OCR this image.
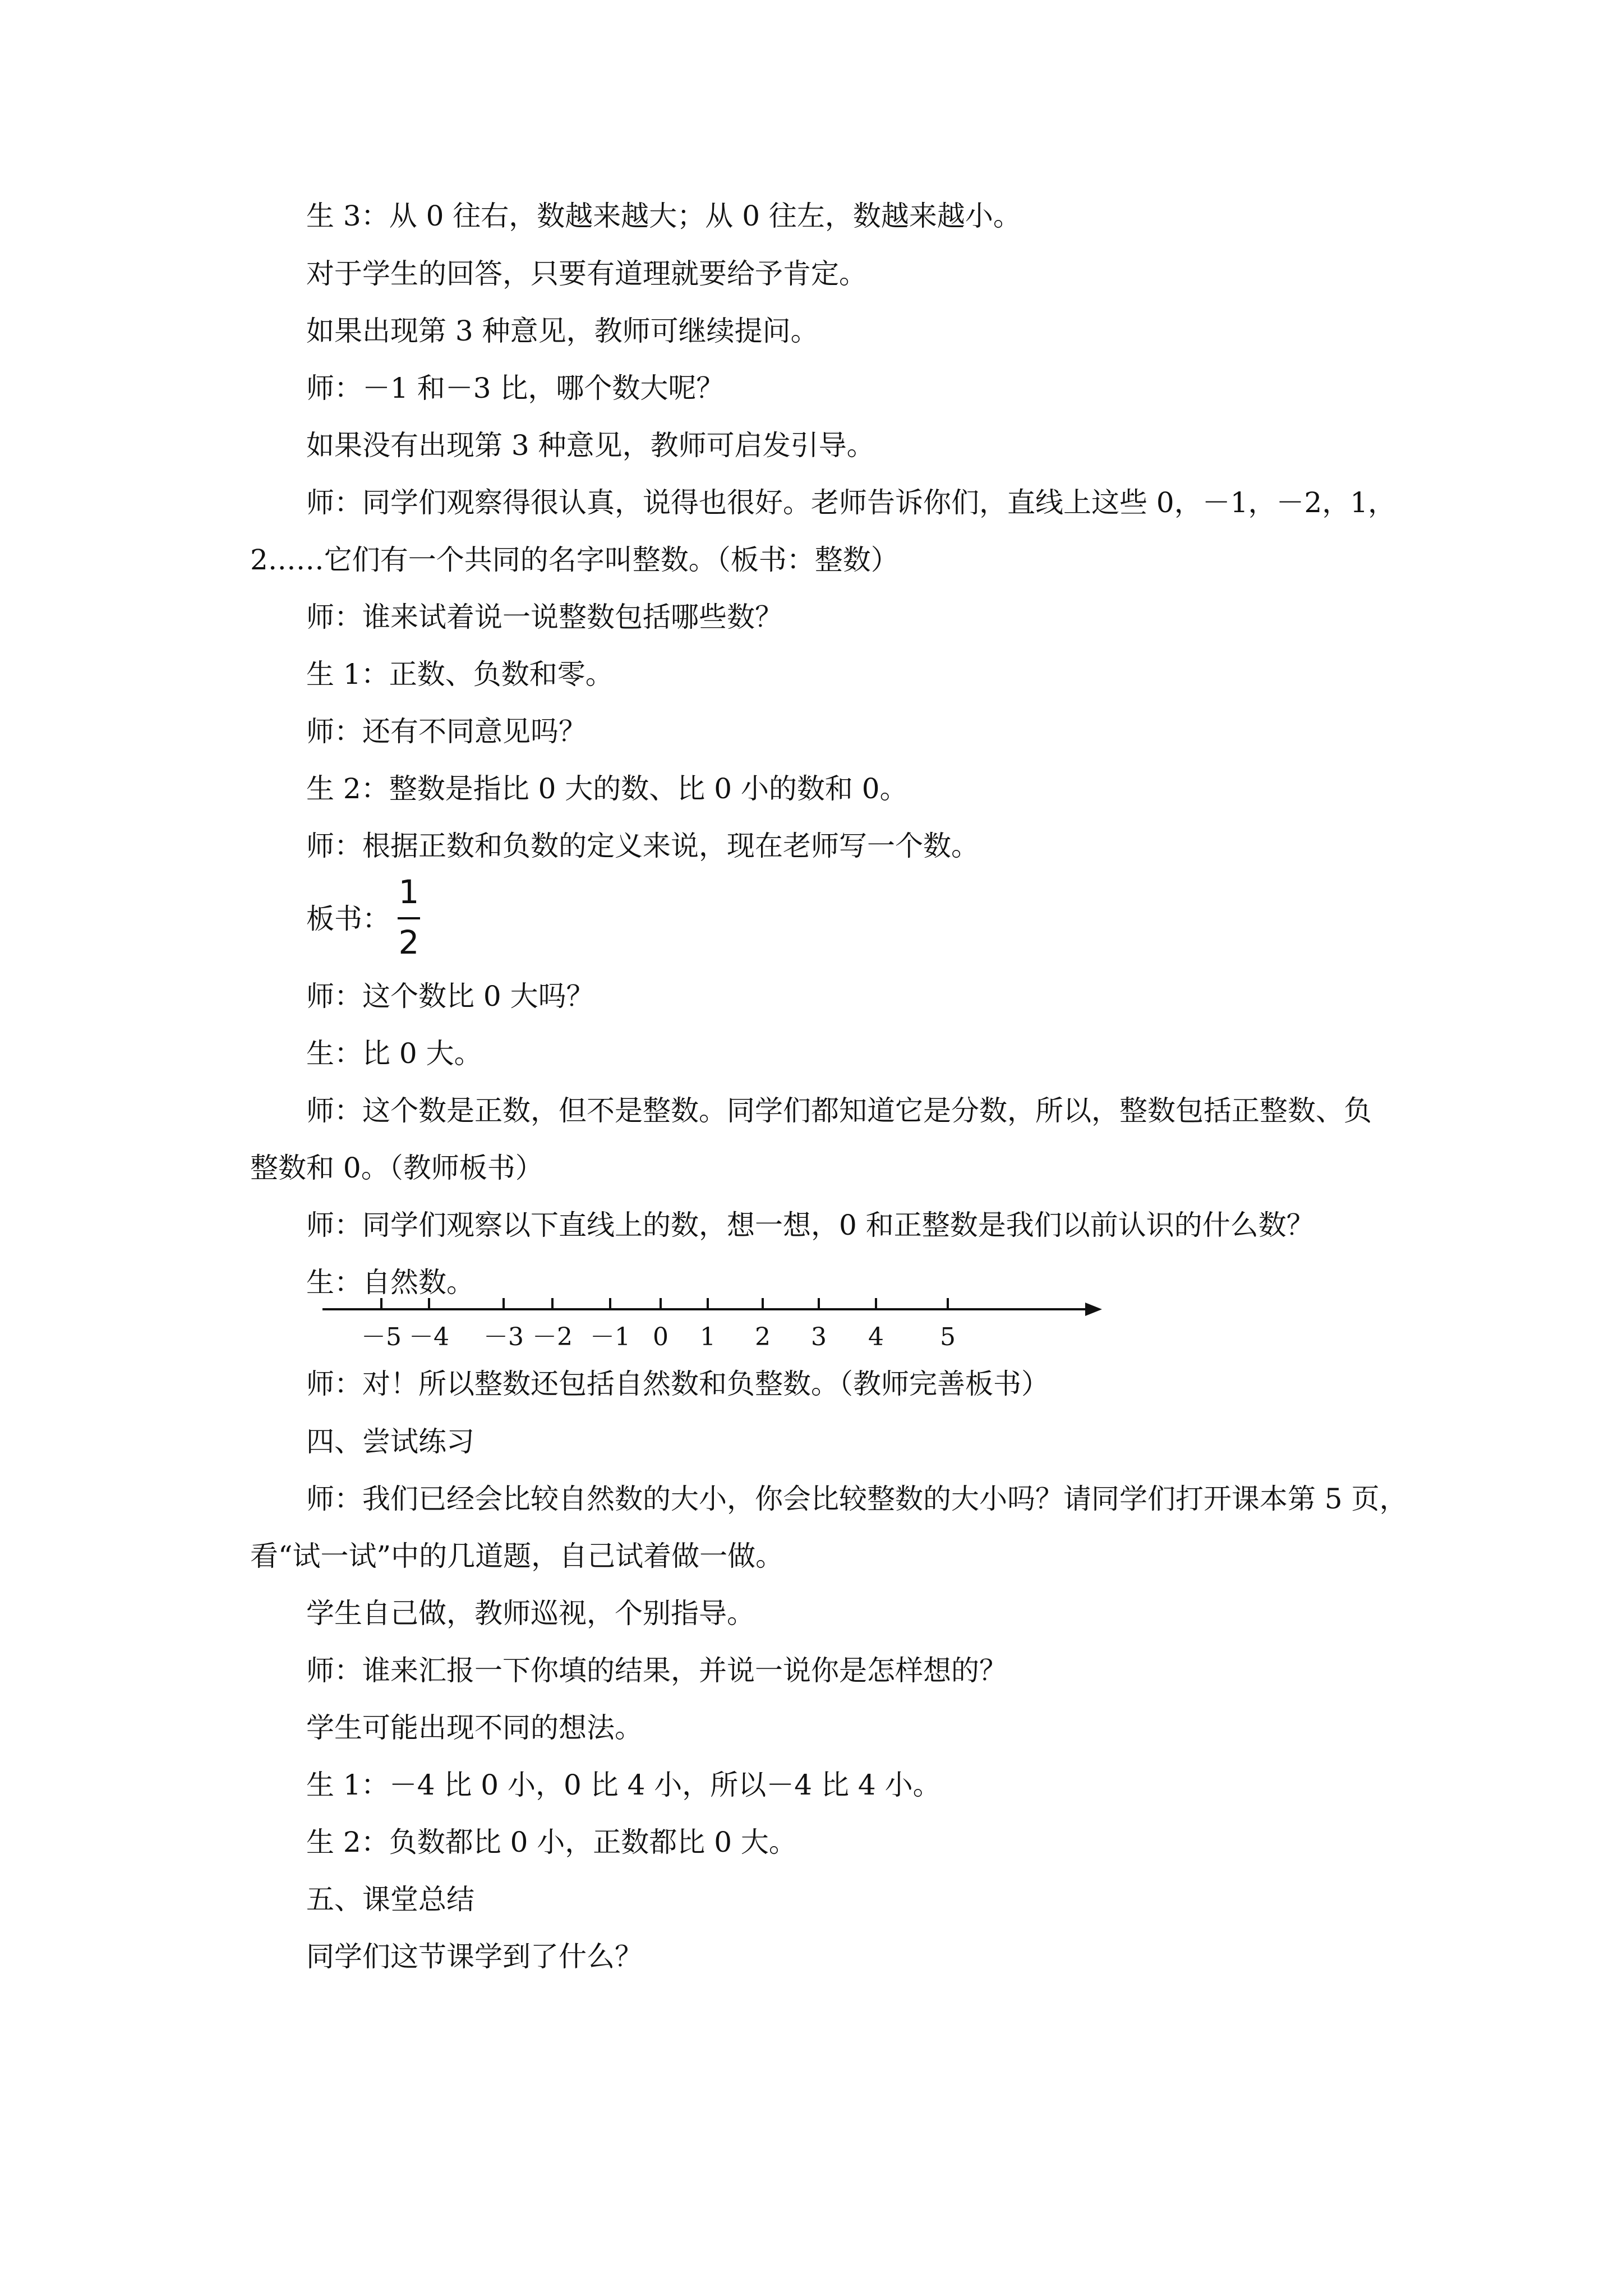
生 3：从 0 往右，数越来越大；从 0 往左，数越来越小。
对于学生的回答，只要有道理就要给予肯定。
如果出现第 3 种意见，教师可继续提问。
师：－1 和－3 比，哪个数大呢？
如果没有出现第 3 种意见，教师可启发引导。
师：同学们观察得很认真，说得也很好。老师告诉你们，直线上这些 0，－1，－2，1，
2……它们有一个共同的名字叫整数。（板书：整数）
师：谁来试着说一说整数包括哪些数？
生 1：正数、负数和零。
师：还有不同意见吗？
生 2：整数是指比 0 大的数、比 0 小的数和 0。
师：根据正数和负数的定义来说，现在老师写一个数。
板书：
1
2
师：这个数比 0 大吗？
生：比 0 大。
师：这个数是正数，但不是整数。同学们都知道它是分数，所以，整数包括正整数、负
整数和 0。（教师板书）
师：同学们观察以下直线上的数，想一想，0 和正整数是我们以前认识的什么数？
生：自然数。
－5 －4 －3 －2 －1 0 1 2 3 4 5
师：对！所以整数还包括自然数和负整数。（教师完善板书）
四、尝试练习
师：我们已经会比较自然数的大小，你会比较整数的大小吗？请同学们打开课本第 5 页，
看“试一试”中的几道题，自己试着做一做。
学生自己做，教师巡视，个别指导。
师：谁来汇报一下你填的结果，并说一说你是怎样想的？
学生可能出现不同的想法。
生 1：－4 比 0 小，0 比 4 小，所以－4 比 4 小。
生 2：负数都比 0 小，正数都比 0 大。
五、课堂总结
同学们这节课学到了什么？
